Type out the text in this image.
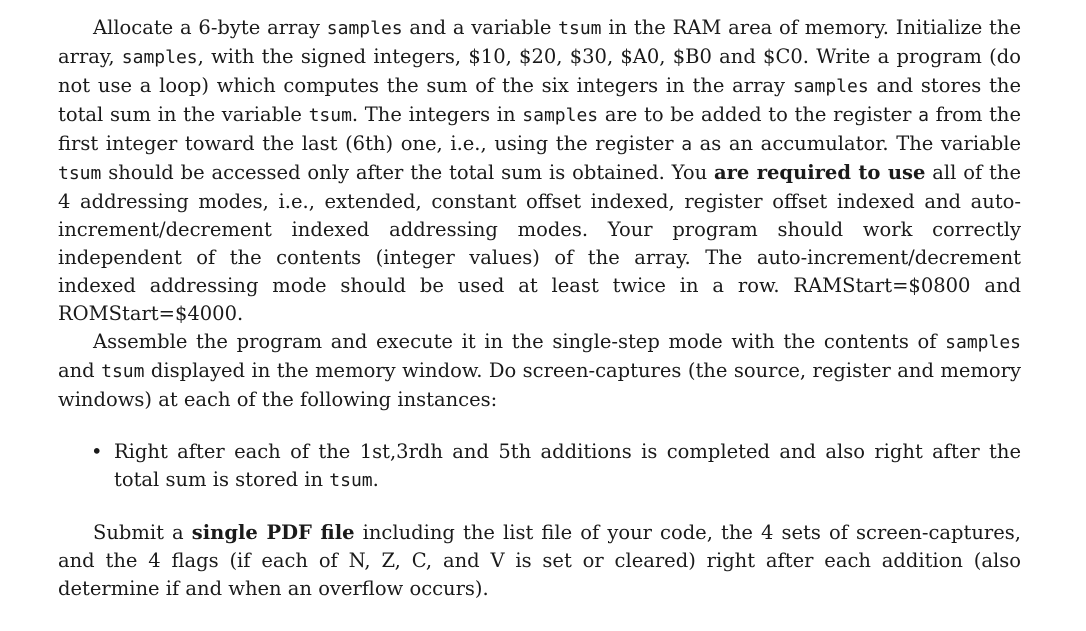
Allocate a 6-byte array samples and a variable tsum in the RAM area of memory. Initialize the array, samples, with the signed integers, $10, $20, $30, $A0, $B0 and $C0. Write a program (do not use a loop) which computes the sum of the six integers in the array samples and stores the total sum in the variable tsum. The integers in samples are to be added to the register a from the first integer toward the last (6th) one, i.e., using the register a as an accumulator. The variable tsum should be accessed only after the total sum is obtained. You are required to use all of the 4 addressing modes, i.e., extended, constant offset indexed, register offset indexed and auto-increment/decrement indexed addressing modes. Your program should work correctly independent of the contents (integer values) of the array. The auto-increment/decrement indexed addressing mode should be used at least twice in a row. RAMStart=$0800 and ROMStart=$4000.

Assemble the program and execute it in the single-step mode with the contents of samples and tsum displayed in the memory window. Do screen-captures (the source, register and memory windows) at each of the following instances:

• Right after each of the 1st,3rdh and 5th additions is completed and also right after the total sum is stored in tsum.

Submit a single PDF file including the list file of your code, the 4 sets of screen-captures, and the 4 flags (if each of N, Z, C, and V is set or cleared) right after each addition (also determine if and when an overflow occurs).
